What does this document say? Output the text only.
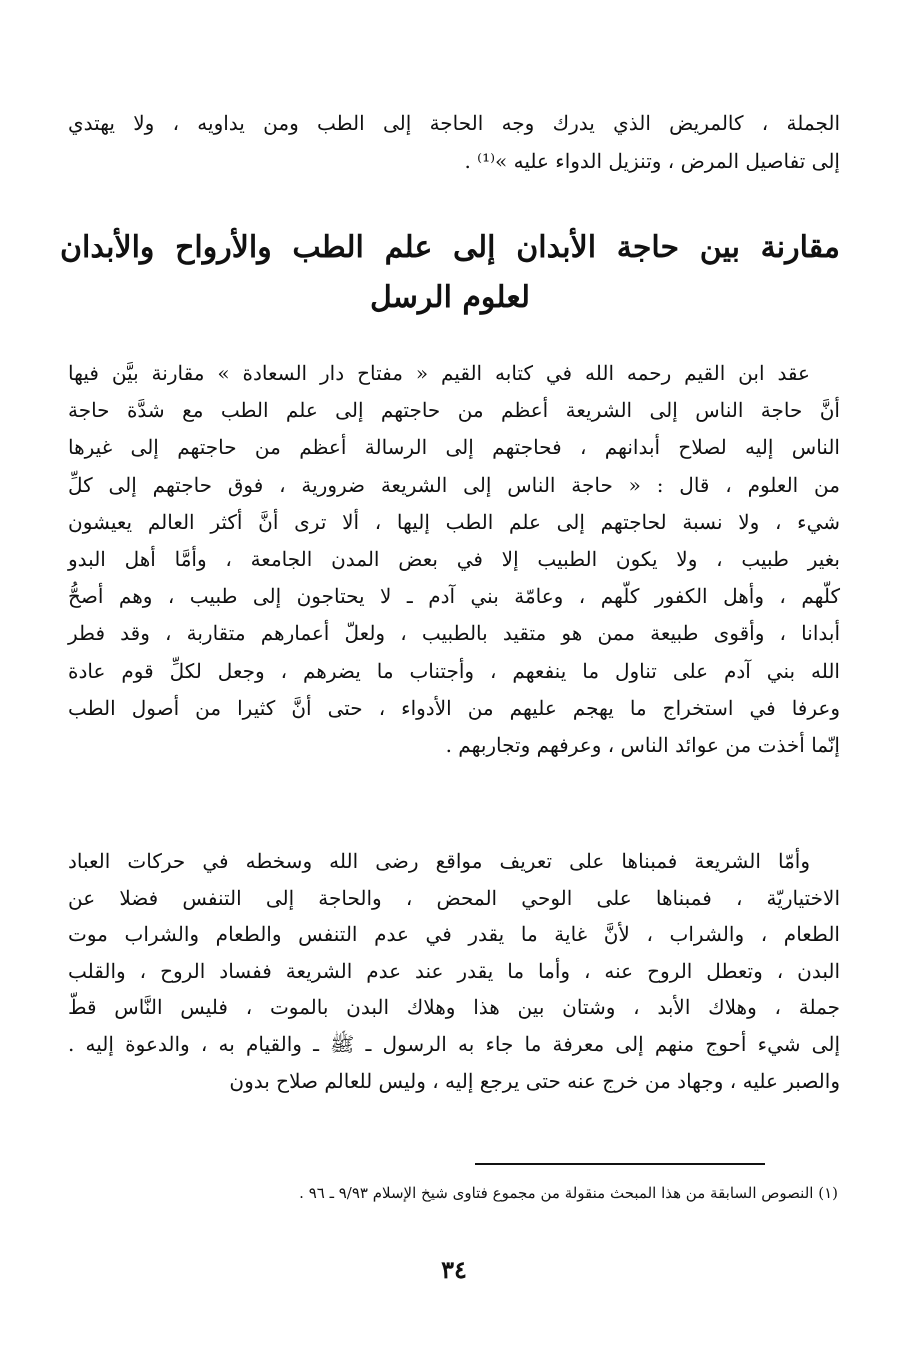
الجملة ، كالمريض الذي يدرك وجه الحاجة إلى الطب ومن يداويه ، ولا يهتدي
إلى تفاصيل المرض ، وتنزيل الدواء عليه »⁽¹⁾ .
مقارنة بين حاجة الأبدان إلى علم الطب والأرواح والأبدان
لعلوم الرسل
عقد ابن القيم رحمه الله في كتابه القيم « مفتاح دار السعادة » مقارنة بيَّن فيها
أنَّ حاجة الناس إلى الشريعة أعظم من حاجتهم إلى علم الطب مع شدَّة حاجة
الناس إليه لصلاح أبدانهم ، فحاجتهم إلى الرسالة أعظم من حاجتهم إلى غيرها
من العلوم ، قال : « حاجة الناس إلى الشريعة ضرورية ، فوق حاجتهم إلى كلِّ
شيء ، ولا نسبة لحاجتهم إلى علم الطب إليها ، ألا ترى أنَّ أكثر العالم يعيشون
بغير طبيب ، ولا يكون الطبيب إلا في بعض المدن الجامعة ، وأمَّا أهل البدو
كلّهم ، وأهل الكفور كلّهم ، وعامّة بني آدم ـ لا يحتاجون إلى طبيب ، وهم أصحُّ
أبدانا ، وأقوى طبيعة ممن هو متقيد بالطبيب ، ولعلّ أعمارهم متقاربة ، وقد فطر
الله بني آدم على تناول ما ينفعهم ، وأجتناب ما يضرهم ، وجعل لكلِّ قوم عادة
وعرفا في استخراج ما يهجم عليهم من الأدواء ، حتى أنَّ كثيرا من أصول الطب
إنّما أخذت من عوائد الناس ، وعرفهم وتجاربهم .
وأمّا الشريعة فمبناها على تعريف مواقع رضى الله وسخطه في حركات العباد
الاختياريّة ، فمبناها على الوحي المحض ، والحاجة إلى التنفس فضلا عن
الطعام ، والشراب ، لأنَّ غاية ما يقدر في عدم التنفس والطعام والشراب موت
البدن ، وتعطل الروح عنه ، وأما ما يقدر عند عدم الشريعة ففساد الروح ، والقلب
جملة ، وهلاك الأبد ، وشتان بين هذا وهلاك البدن بالموت ، فليس النَّاس قطّ
إلى شيء أحوج منهم إلى معرفة ما جاء به الرسول ـ ﷺ ـ والقيام به ، والدعوة إليه .
والصبر عليه ، وجهاد من خرج عنه حتى يرجع إليه ، وليس للعالم صلاح بدون
(١) النصوص السابقة من هذا المبحث منقولة من مجموع فتاوى شيخ الإسلام ٩/٩٣ ـ ٩٦ .
٣٤
